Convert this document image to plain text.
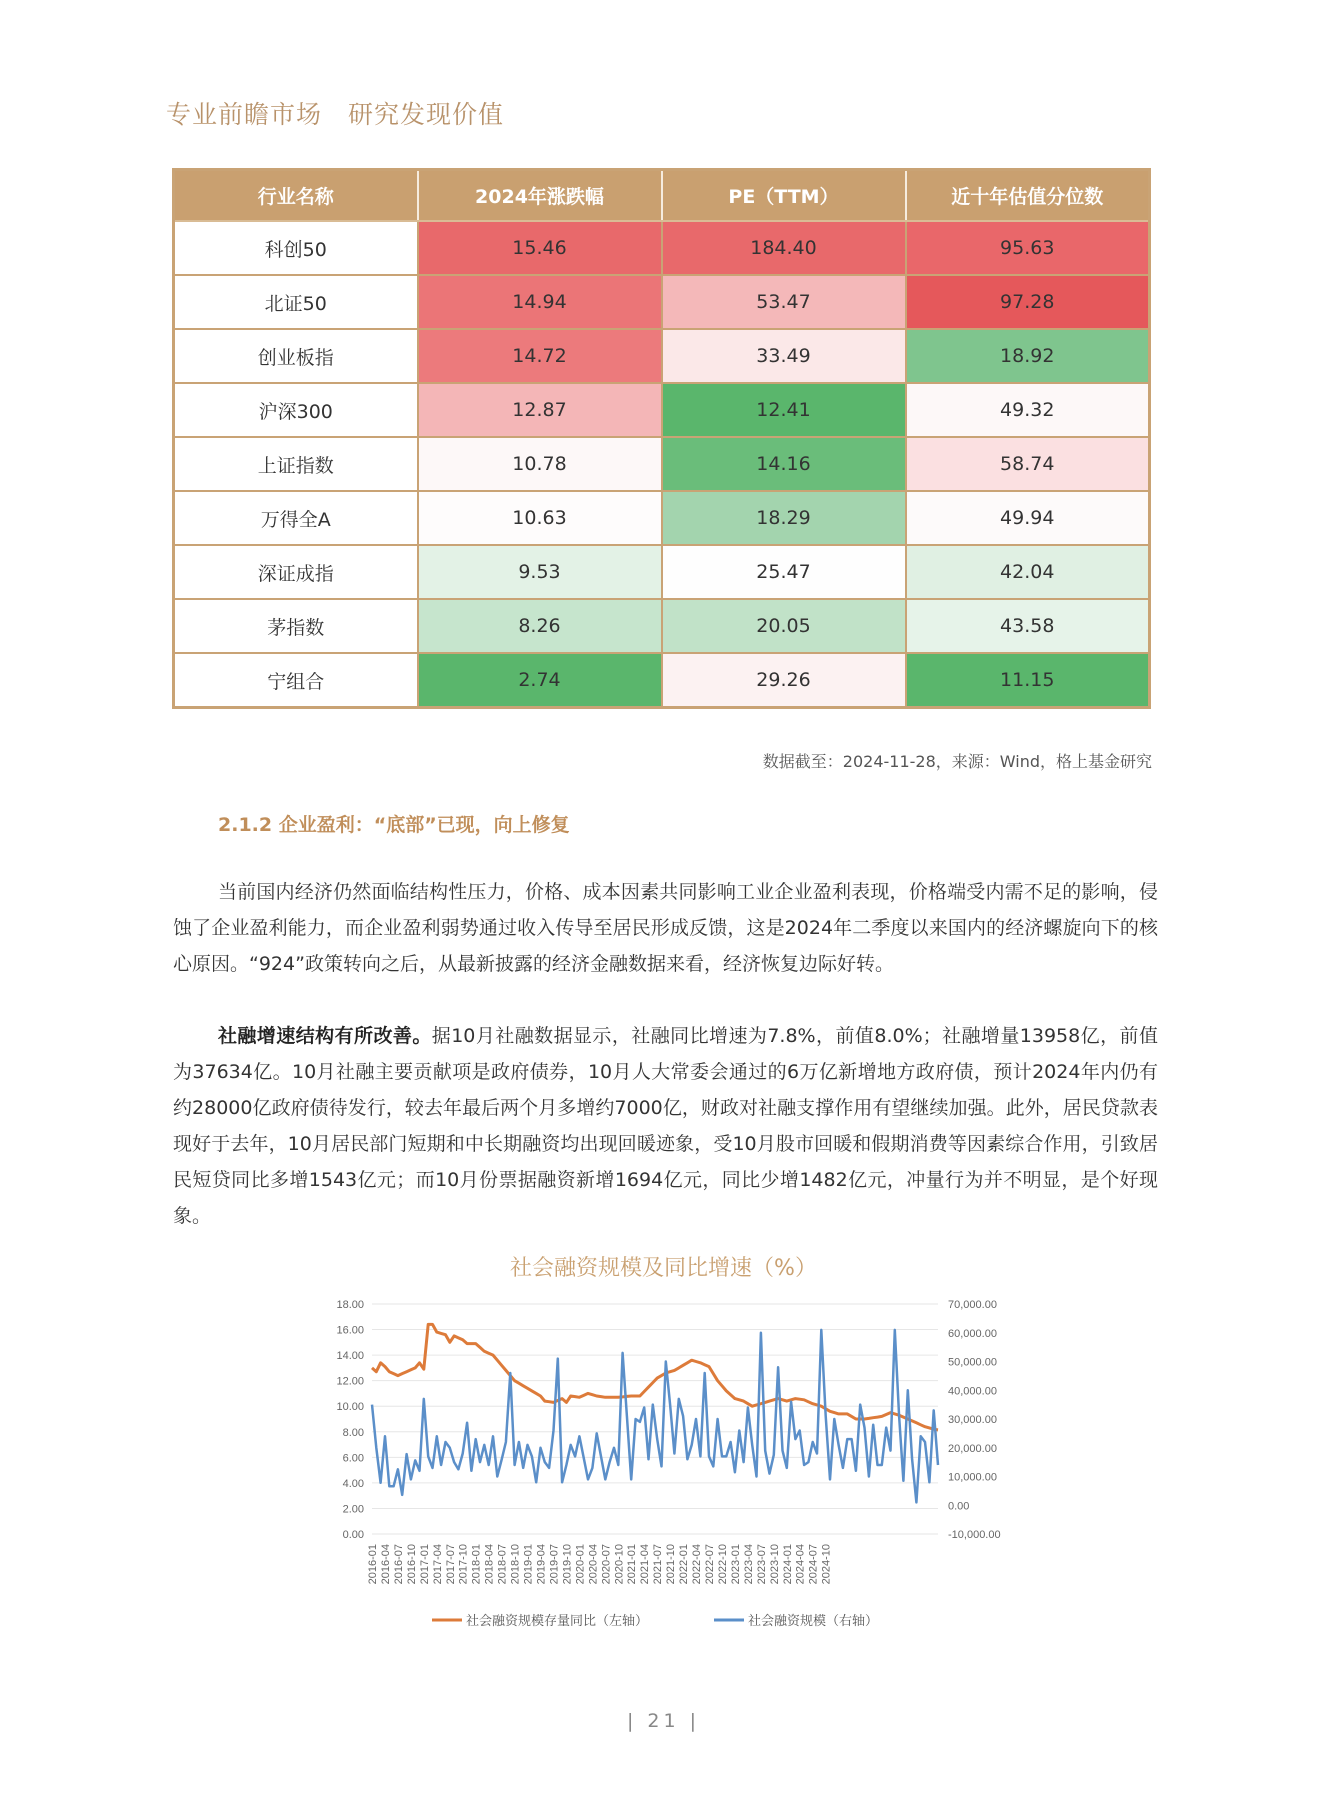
专业前瞻市场 研究发现价值
行业名称	2024年涨跌幅	PE（TTM）	近十年估值分位数
科创50	15.46	184.40	95.63
北证50	14.94	53.47	97.28
创业板指	14.72	33.49	18.92
沪深300	12.87	12.41	49.32
上证指数	10.78	14.16	58.74
万得全A	10.63	18.29	49.94
深证成指	9.53	25.47	42.04
茅指数	8.26	20.05	43.58
宁组合	2.74	29.26	11.15
数据截至：2024-11-28，来源：Wind，格上基金研究
2.1.2 企业盈利：“底部”已现，向上修复

当前国内经济仍然面临结构性压力，价格、成本因素共同影响工业企业盈利表现，价格端受内需不足的影响，侵蚀了企业盈利能力，而企业盈利弱势通过收入传导至居民形成反馈，这是2024年二季度以来国内的经济螺旋向下的核心原因。“924”政策转向之后，从最新披露的经济金融数据来看，经济恢复边际好转。

社融增速结构有所改善。据10月社融数据显示，社融同比增速为7.8%，前值8.0%；社融增量13958亿，前值为37634亿。10月社融主要贡献项是政府债券，10月人大常委会通过的6万亿新增地方政府债，预计2024年内仍有约28000亿政府债待发行，较去年最后两个月多增约7000亿，财政对社融支撑作用有望继续加强。此外，居民贷款表现好于去年，10月居民部门短期和中长期融资均出现回暖迹象，受10月股市回暖和假期消费等因素综合作用，引致居民短贷同比多增1543亿元；而10月份票据融资新增1694亿元，同比少增1482亿元，冲量行为并不明显，是个好现象。

社会融资规模及同比增速（%）
0.00
2.00
4.00
6.00
8.00
10.00
12.00
14.00
16.00
18.00
-10,000.00
0.00
10,000.00
20,000.00
30,000.00
40,000.00
50,000.00
60,000.00
70,000.00
2016-01 2016-04 2016-07 2016-10 2017-01 2017-04 2017-07 2017-10 2018-01 2018-04 2018-07 2018-10 2019-01 2019-04 2019-07 2019-10 2020-01 2020-04 2020-07 2020-10 2021-01 2021-04 2021-07 2021-10 2022-01 2022-04 2022-07 2022-10 2023-01 2023-04 2023-07 2023-10 2024-01 2024-04 2024-07 2024-10
社会融资规模存量同比（左轴）	社会融资规模（右轴）
| 21 |
